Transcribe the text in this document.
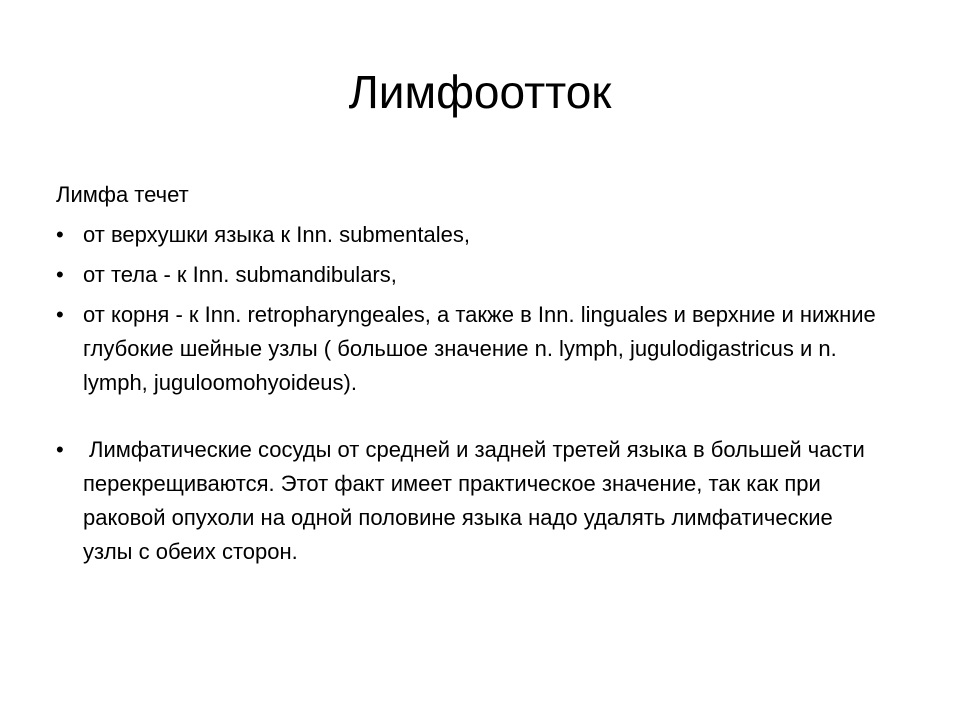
Лимфоотток

Лимфа течет

• от верхушки языка к Inn. submentales,
• от тела - к Inn. submandibulars,
• от корня - к Inn. retropharyngeales, а также в Inn. linguales и верхние и нижние глубокие шейные узлы ( большое значение n. lymph, jugulodigastricus и n. lymph, juguloomohyoideus).
• Лимфатические сосуды от средней и задней третей языка в большей части перекрещиваются. Этот факт имеет практическое значение, так как при раковой опухоли на одной половине языка надо удалять лимфатические узлы с обеих сторон.
